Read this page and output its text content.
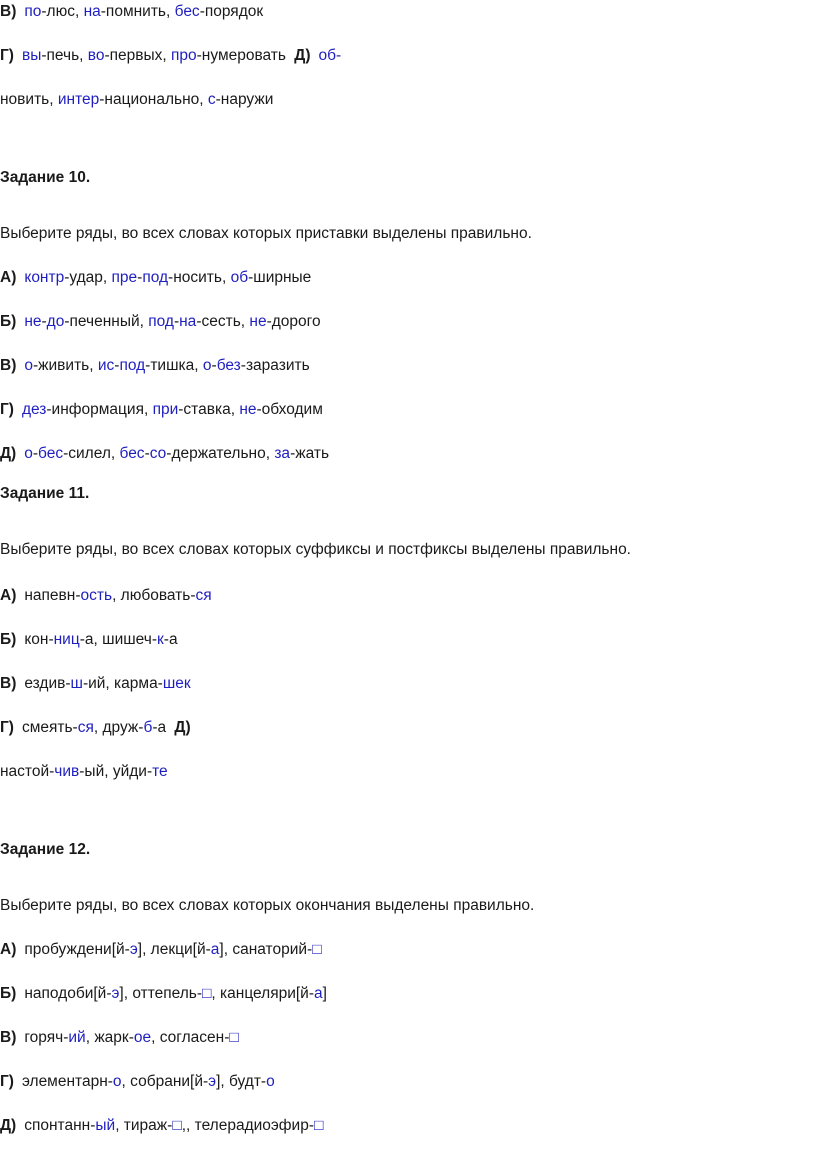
В) по-люс, на-помнить, бес-порядок
Г) вы-печь, во-первых, про-нумеровать Д) об-
новить, интер-национально, с-наружи
Задание 10.
Выберите ряды, во всех словах которых приставки выделены правильно.
А) контр-удар, пре-под-носить, об-ширные
Б) не-до-печенный, под-на-сесть, не-дорого
В) о-живить, ис-под-тишка, о-без-заразить
Г) дез-информация, при-ставка, не-обходим
Д) о-бес-силел, бес-со-держательно, за-жать
Задание 11.
Выберите ряды, во всех словах которых суффиксы и постфиксы выделены правильно.
А) напевн-ость, любовать-ся
Б) кон-ниц-а, шишеч-к-а
В) ездив-ш-ий, карма-шек
Г) смеять-ся, друж-б-а Д)
настой-чив-ый, уйди-те
Задание 12.
Выберите ряды, во всех словах которых окончания выделены правильно.
А) пробуждени[й-э], лекци[й-а], санаторий-□
Б) наподоби[й-э], оттепель-□, канцеляри[й-а]
В) горяч-ий, жарк-ое, согласен-□
Г) элементарн-о, собрани[й-э], будт-о
Д) спонтанн-ый, тираж-□,, телерадиоэфир-□
